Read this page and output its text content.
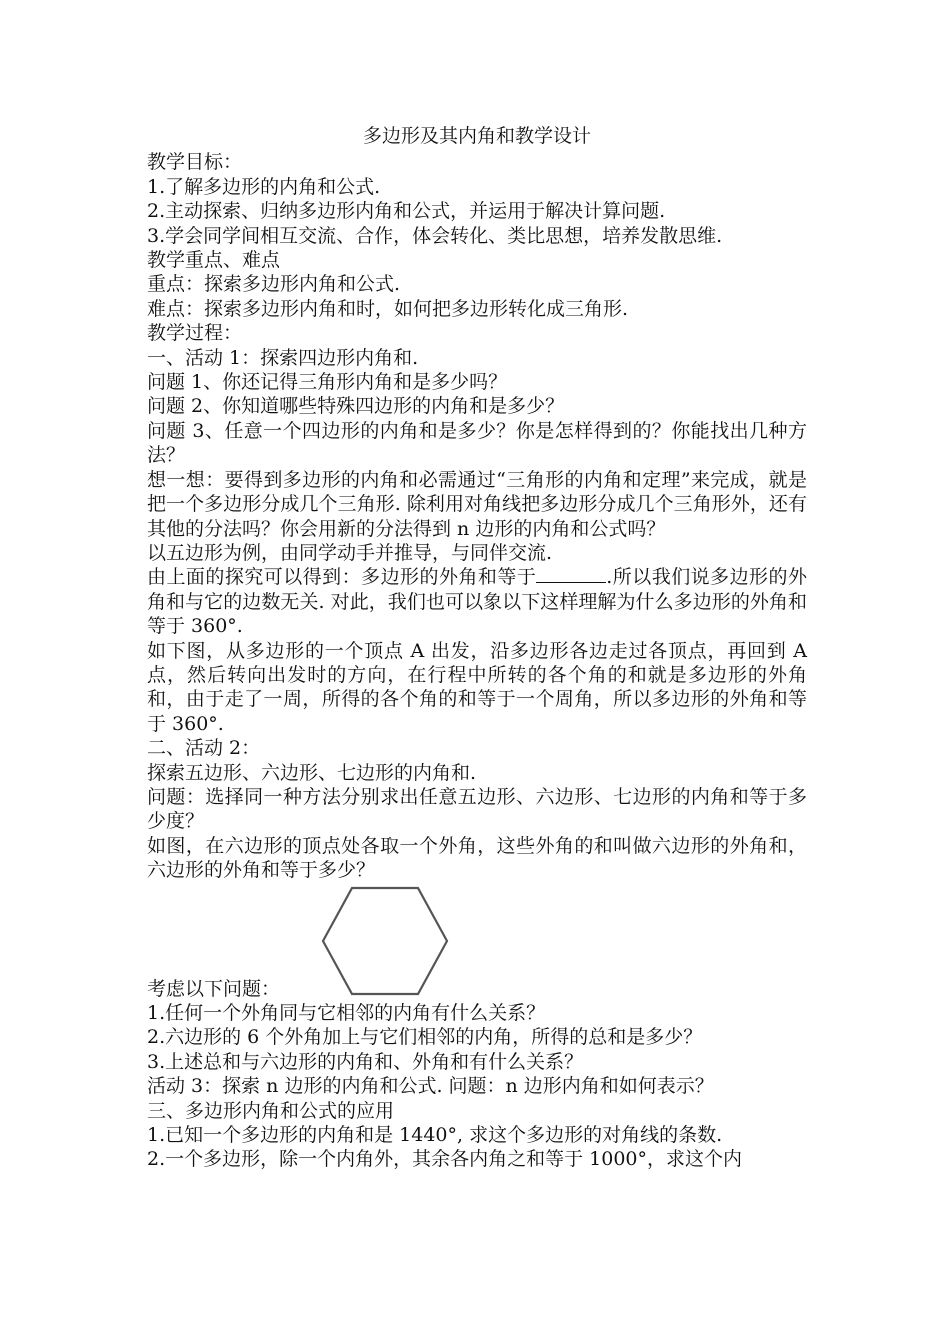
多边形及其内角和教学设计

教学目标：

1.了解多边形的内角和公式.

2.主动探索、归纳多边形内角和公式，并运用于解决计算问题.

3.学会同学间相互交流、合作，体会转化、类比思想，培养发散思维.

教学重点、难点

重点：探索多边形内角和公式.

难点：探索多边形内角和时，如何把多边形转化成三角形.

教学过程：

一、活动 1：探索四边形内角和.

问题 1、你还记得三角形内角和是多少吗？

问题 2、你知道哪些特殊四边形的内角和是多少？

问题 3、任意一个四边形的内角和是多少？你是怎样得到的？你能找出几种方法？

想一想：要得到多边形的内角和必需通过“三角形的内角和定理”来完成，就是把一个多边形分成几个三角形. 除利用对角线把多边形分成几个三角形外，还有其他的分法吗？你会用新的分法得到 n 边形的内角和公式吗？

以五边形为例，由同学动手并推导，与同伴交流.

由上面的探究可以得到：多边形的外角和等于	.所以我们说多边形的外角和与它的边数无关. 对此，我们也可以象以下这样理解为什么多边形的外角和等于 360°.

如下图，从多边形的一个顶点 A 出发，沿多边形各边走过各顶点，再回到 A 点，然后转向出发时的方向，在行程中所转的各个角的和就是多边形的外角和，由于走了一周，所得的各个角的和等于一个周角，所以多边形的外角和等于 360°.

二、活动 2：

探索五边形、六边形、七边形的内角和.

问题：选择同一种方法分别求出任意五边形、六边形、七边形的内角和等于多少度？

如图，在六边形的顶点处各取一个外角，这些外角的和叫做六边形的外角和，六边形的外角和等于多少？

考虑以下问题：

1.任何一个外角同与它相邻的内角有什么关系？

2.六边形的 6 个外角加上与它们相邻的内角，所得的总和是多少？

3.上述总和与六边形的内角和、外角和有什么关系？

活动 3：探索 n 边形的内角和公式. 问题：n 边形内角和如何表示？

三、多边形内角和公式的应用

1.已知一个多边形的内角和是 1440°, 求这个多边形的对角线的条数.

2.一个多边形，除一个内角外，其余各内角之和等于 1000°，求这个内
